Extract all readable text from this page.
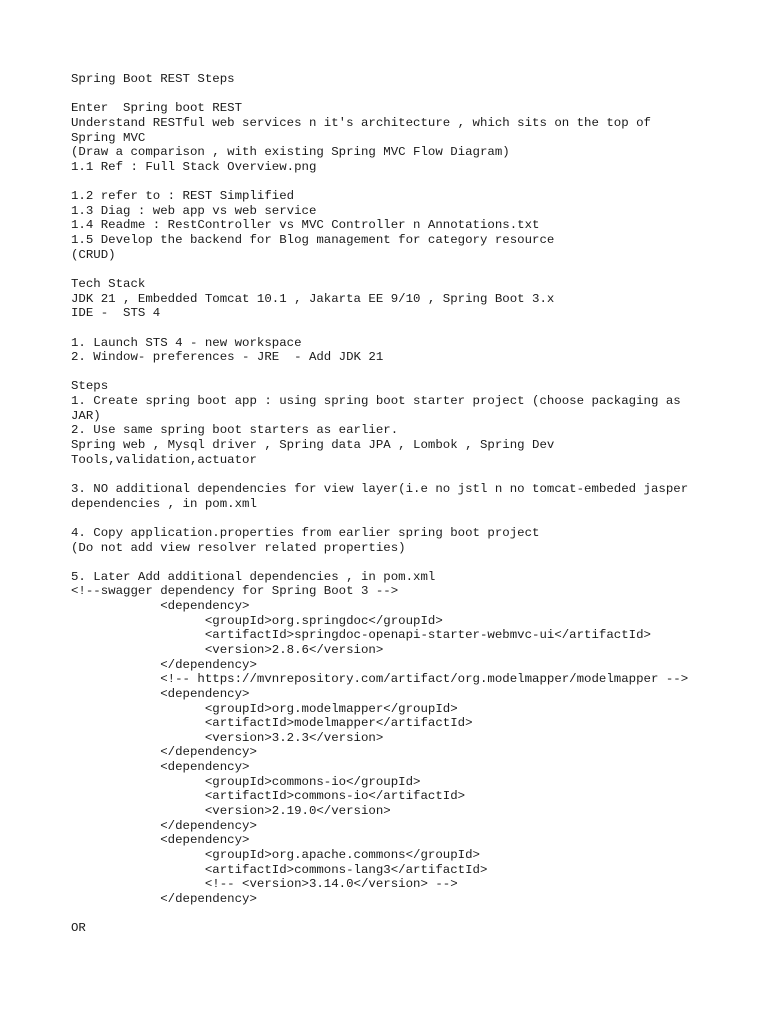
Spring Boot REST Steps
Enter  Spring boot REST
Understand RESTful web services n it's architecture , which sits on the top of
Spring MVC
(Draw a comparison , with existing Spring MVC Flow Diagram)
1.1 Ref : Full Stack Overview.png
1.2 refer to : REST Simplified
1.3 Diag : web app vs web service
1.4 Readme : RestController vs MVC Controller n Annotations.txt
1.5 Develop the backend for Blog management for category resource
(CRUD)
Tech Stack
JDK 21 , Embedded Tomcat 10.1 , Jakarta EE 9/10 , Spring Boot 3.x
IDE -  STS 4
1. Launch STS 4 - new workspace
2. Window- preferences - JRE  - Add JDK 21
Steps
1. Create spring boot app : using spring boot starter project (choose packaging as
JAR)
2. Use same spring boot starters as earlier.
Spring web , Mysql driver , Spring data JPA , Lombok , Spring Dev
Tools,validation,actuator
3. NO additional dependencies for view layer(i.e no jstl n no tomcat-embeded jasper
dependencies , in pom.xml
4. Copy application.properties from earlier spring boot project
(Do not add view resolver related properties)
5. Later Add additional dependencies , in pom.xml
<!--swagger dependency for Spring Boot 3 -->
<dependency>
<groupId>org.springdoc</groupId>
<artifactId>springdoc-openapi-starter-webmvc-ui</artifactId>
<version>2.8.6</version>
</dependency>
<!-- https://mvnrepository.com/artifact/org.modelmapper/modelmapper -->
<dependency>
<groupId>org.modelmapper</groupId>
<artifactId>modelmapper</artifactId>
<version>3.2.3</version>
</dependency>
<dependency>
<groupId>commons-io</groupId>
<artifactId>commons-io</artifactId>
<version>2.19.0</version>
</dependency>
<dependency>
<groupId>org.apache.commons</groupId>
<artifactId>commons-lang3</artifactId>
<!-- <version>3.14.0</version> -->
</dependency>
OR
